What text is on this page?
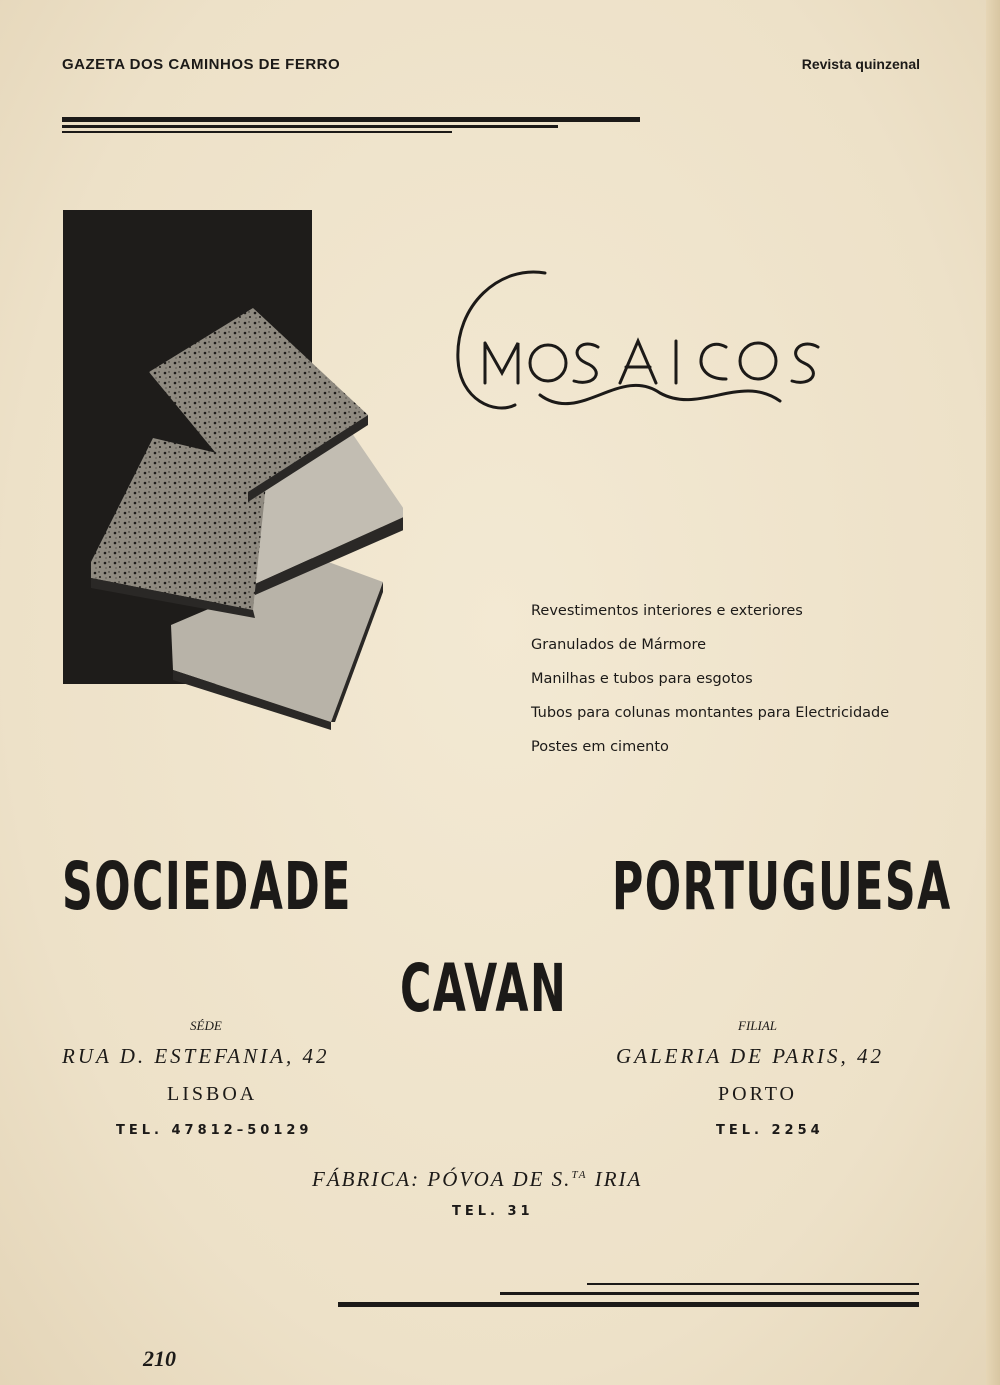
GAZETA DOS CAMINHOS DE FERRO	Revista quinzenal
Revestimentos interiores e exteriores
Granulados de Mármore
Manilhas e tubos para esgotos
Tubos para colunas montantes para Electricidade
Postes em cimento
SOCIEDADE	PORTUGUESA
CAVAN
SÉDE
RUA D. ESTEFANIA, 42
LISBOA
TEL. 47812–50129
FILIAL
GALERIA DE PARIS, 42
PORTO
TEL. 2254
FÁBRICA: PÓVOA DE S.$^{TA}$ IRIA
TEL. 31
210
